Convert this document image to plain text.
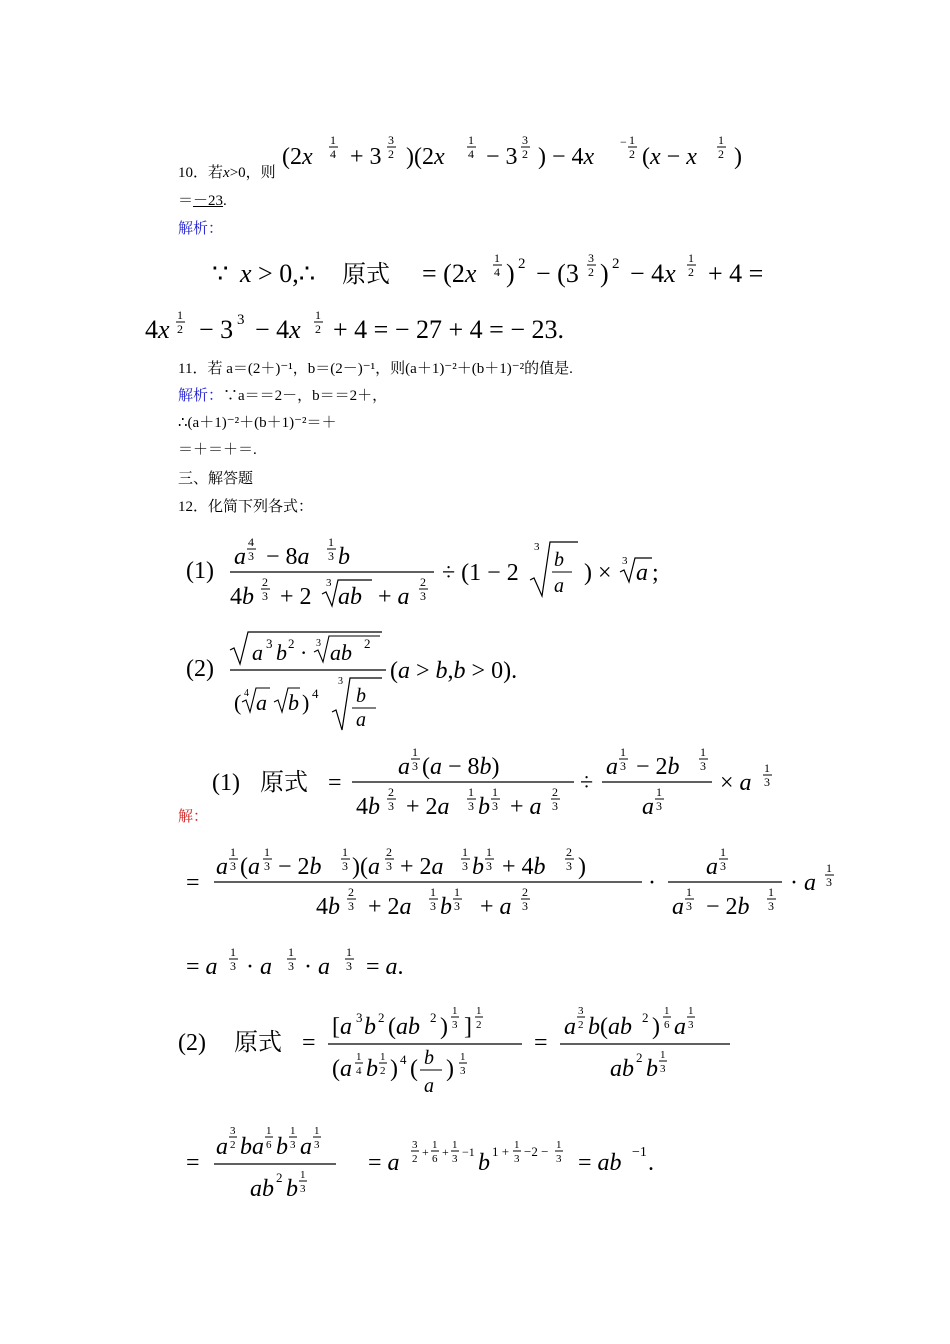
(2x
1
4 + 3
3
2 )(2x
1
4 − 3
3
2 ) − 4x
− 1
2 (x − x
1
2 )
10．若x>0，则
＝－23.
解析：
∵ x > 0,∴ 原式 = (2x
1
4 ) 2 − (3
3
2 ) 2 − 4x
1
2 + 4 =
4x 1
2 − 3 3 − 4x 1
2 + 4 = − 27 + 4 = − 23.
11．若 a＝(2＋)⁻¹，b＝(2－)⁻¹，则(a＋1)⁻²＋(b＋1)⁻²的值是.
解析：∵a＝＝2－，b＝＝2＋，
∴(a＋1)⁻²＋(b＋1)⁻²＝＋
＝＋＝＋＝.
三、解答题
12．化简下列各式：
(1)
a
4
3 − 8a
1
3 b
4b
2
3 + 2
3
ab + a
2
3
÷ (1 − 2
3
b
a ) × 3 a ;
(2)
a 3 b 2 · 3 ab 2
( 4 a b ) 4
3
b
a
(a > b,b > 0).
(1) 原式 =
a
1
3 (a − 8b)
4b
2
3 + 2a
1
3 b
1
3 + a
2
3
÷
a
1
3 − 2b
1
3
a
1
3
× a
1
3
解：
=
a
1
3 (a
1
3 − 2b
1
3 )(a
2
3 + 2a
1
3 b
1
3 + 4b
2
3 )
4b
2
3 + 2a
1
3 b
1
3 + a
2
3
·
a
1
3
a
1
3 − 2b
1
3
· a
1
3
= a
1
3 · a
1
3 · a
1
3 = a.
(2) 原式 =
[a 3 b 2 (ab 2 )
1
3 ]
1
2
(a 1
4 b 1
2 ) 4 ( b
a
) 1
3
=
a
3
2 b(ab 2 )
1
6 a
1
3
ab 2 b
1
3
=
a
3
2 ba
1
6 b
1
3 a
1
3
ab 2 b
1
3
= a
3
2 + 1
6 + 1
3 −1 b 1 + 1
3 −2 − 1
3 = ab −1 .
